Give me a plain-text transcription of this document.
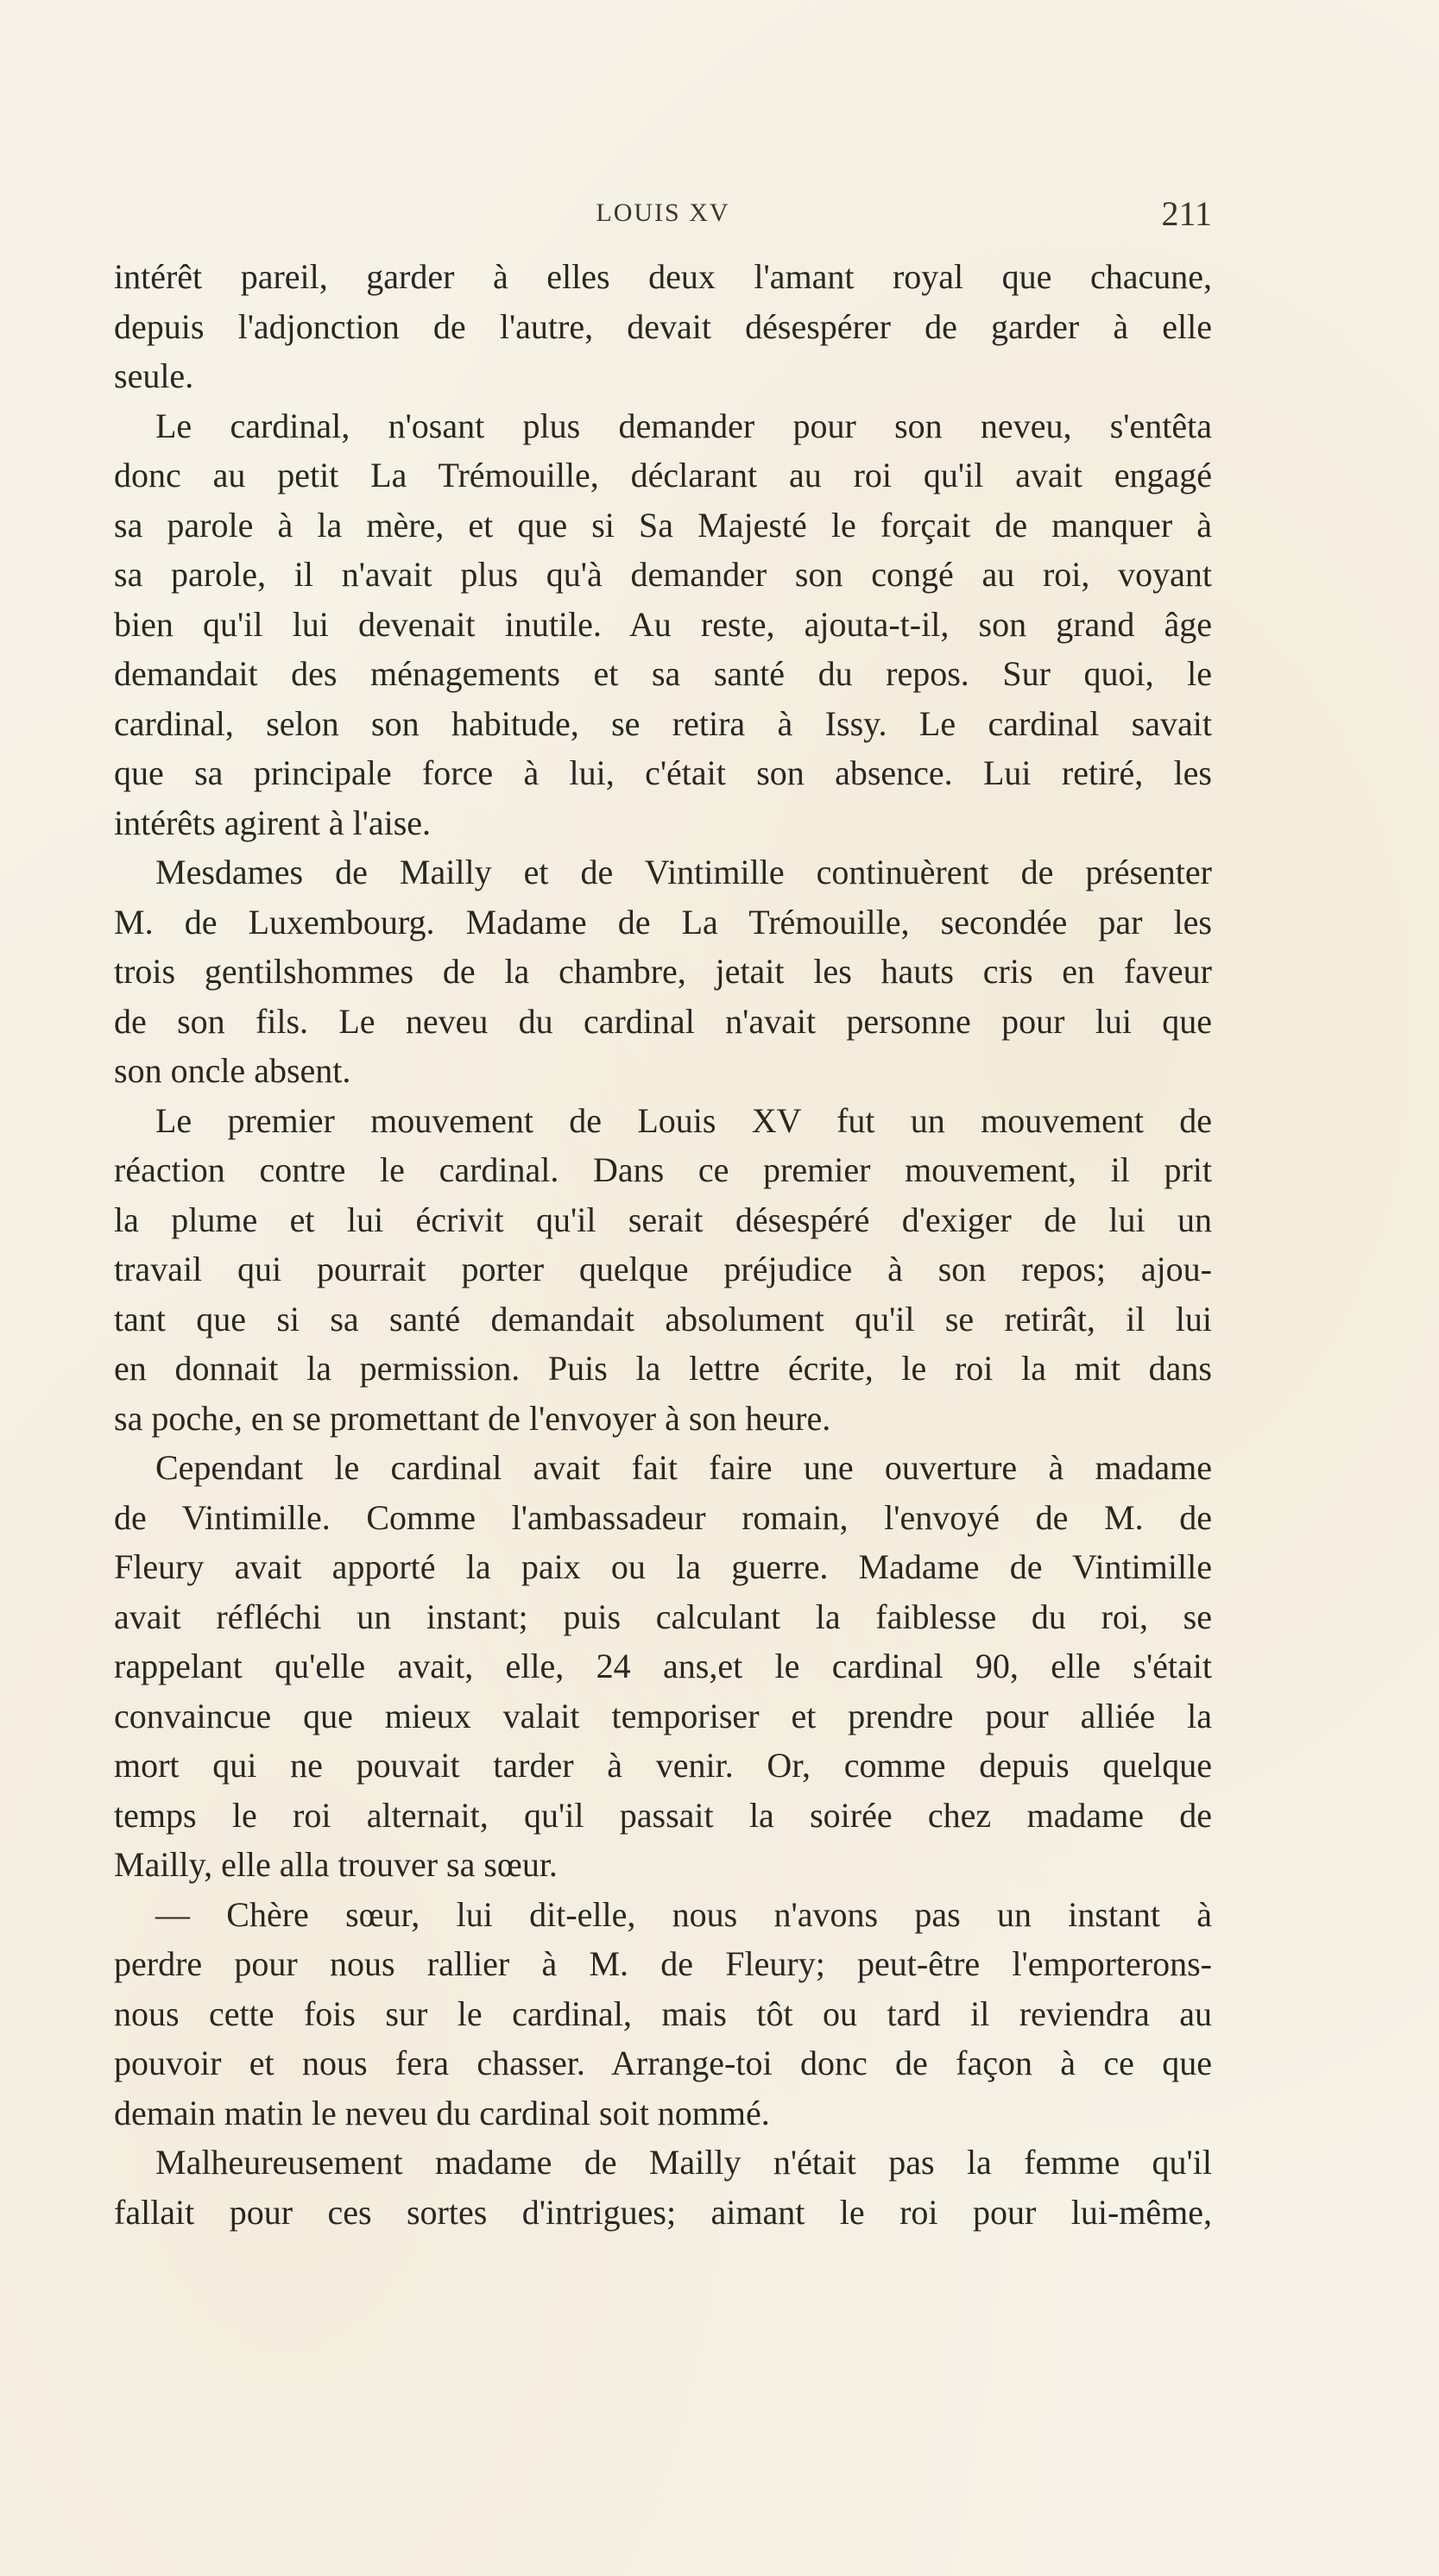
LOUIS XV	211
intérêt pareil, garder à elles deux l'amant royal que chacune,
depuis l'adjonction de l'autre, devait désespérer de garder à elle
seule.
Le cardinal, n'osant plus demander pour son neveu, s'entêta
donc au petit La Trémouille, déclarant au roi qu'il avait engagé
sa parole à la mère, et que si Sa Majesté le forçait de manquer à
sa parole, il n'avait plus qu'à demander son congé au roi, voyant
bien qu'il lui devenait inutile. Au reste, ajouta-t-il, son grand âge
demandait des ménagements et sa santé du repos. Sur quoi, le
cardinal, selon son habitude, se retira à Issy. Le cardinal savait
que sa principale force à lui, c'était son absence. Lui retiré, les
intérêts agirent à l'aise.
Mesdames de Mailly et de Vintimille continuèrent de présenter
M. de Luxembourg. Madame de La Trémouille, secondée par les
trois gentilshommes de la chambre, jetait les hauts cris en faveur
de son fils. Le neveu du cardinal n'avait personne pour lui que
son oncle absent.
Le premier mouvement de Louis XV fut un mouvement de
réaction contre le cardinal. Dans ce premier mouvement, il prit
la plume et lui écrivit qu'il serait désespéré d'exiger de lui un
travail qui pourrait porter quelque préjudice à son repos; ajou-
tant que si sa santé demandait absolument qu'il se retirât, il lui
en donnait la permission. Puis la lettre écrite, le roi la mit dans
sa poche, en se promettant de l'envoyer à son heure.
Cependant le cardinal avait fait faire une ouverture à madame
de Vintimille. Comme l'ambassadeur romain, l'envoyé de M. de
Fleury avait apporté la paix ou la guerre. Madame de Vintimille
avait réfléchi un instant; puis calculant la faiblesse du roi, se
rappelant qu'elle avait, elle, 24 ans,et le cardinal 90, elle s'était
convaincue que mieux valait temporiser et prendre pour alliée la
mort qui ne pouvait tarder à venir. Or, comme depuis quelque
temps le roi alternait, qu'il passait la soirée chez madame de
Mailly, elle alla trouver sa sœur.
— Chère sœur, lui dit-elle, nous n'avons pas un instant à
perdre pour nous rallier à M. de Fleury; peut-être l'emporterons-
nous cette fois sur le cardinal, mais tôt ou tard il reviendra au
pouvoir et nous fera chasser. Arrange-toi donc de façon à ce que
demain matin le neveu du cardinal soit nommé.
Malheureusement madame de Mailly n'était pas la femme qu'il
fallait pour ces sortes d'intrigues; aimant le roi pour lui-même,
